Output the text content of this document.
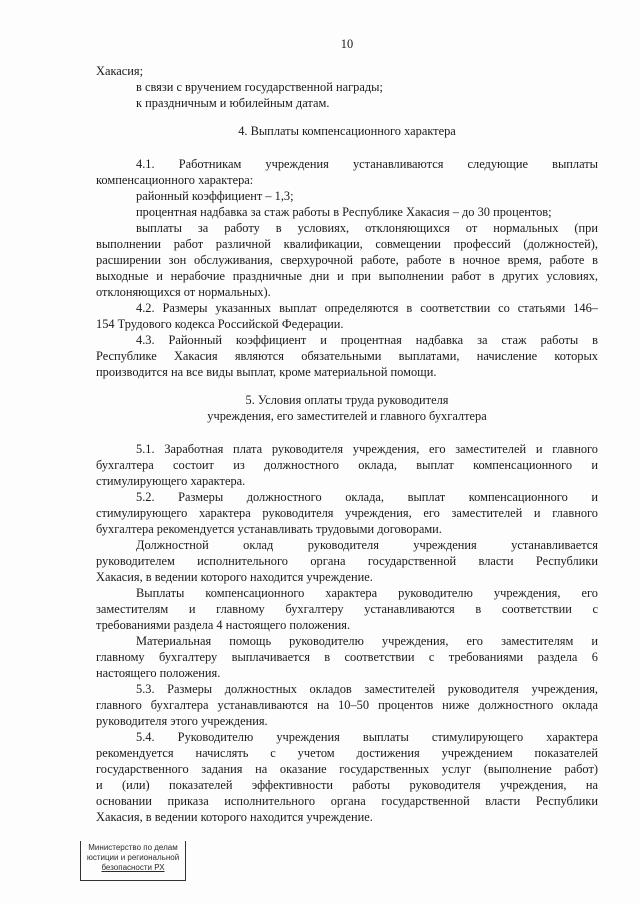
10

Хакасия;

в связи с вручением государственной награды;

к праздничным и юбилейным датам.

4. Выплаты компенсационного характера

4.1. Работникам учреждения устанавливаются следующие выплаты

компенсационного характера:

районный коэффициент – 1,3;

процентная надбавка за стаж работы в Республике Хакасия – до 30 процентов;

выплаты за работу в условиях, отклоняющихся от нормальных (при

выполнении работ различной квалификации, совмещении профессий (должностей),

расширении зон обслуживания, сверхурочной работе, работе в ночное время, работе в

выходные и нерабочие праздничные дни и при выполнении работ в других условиях,

отклоняющихся от нормальных).

4.2. Размеры указанных выплат определяются в соответствии со статьями 146–

154 Трудового кодекса Российской Федерации.

4.3. Районный коэффициент и процентная надбавка за стаж работы в

Республике Хакасия являются обязательными выплатами, начисление которых

производится на все виды выплат, кроме материальной помощи.

5. Условия оплаты труда руководителя

учреждения, его заместителей и главного бухгалтера

5.1. Заработная плата руководителя учреждения, его заместителей и главного

бухгалтера состоит из должностного оклада, выплат компенсационного и

стимулирующего характера.

5.2. Размеры должностного оклада, выплат компенсационного и

стимулирующего характера руководителя учреждения, его заместителей и главного

бухгалтера рекомендуется устанавливать трудовыми договорами.

Должностной оклад руководителя учреждения устанавливается

руководителем исполнительного органа государственной власти Республики

Хакасия, в ведении которого находится учреждение.

Выплаты компенсационного характера руководителю учреждения, его

заместителям и главному бухгалтеру устанавливаются в соответствии с

требованиями раздела 4 настоящего положения.

Материальная помощь руководителю учреждения, его заместителям и

главному бухгалтеру выплачивается в соответствии с требованиями раздела 6

настоящего положения.

5.3. Размеры должностных окладов заместителей руководителя учреждения,

главного бухгалтера устанавливаются на 10–50 процентов ниже должностного оклада

руководителя этого учреждения.

5.4. Руководителю учреждения выплаты стимулирующего характера

рекомендуется начислять с учетом достижения учреждением показателей

государственного задания на оказание государственных услуг (выполнение работ)

и (или) показателей эффективности работы руководителя учреждения, на

основании приказа исполнительного органа государственной власти Республики

Хакасия, в ведении которого находится учреждение.

Министерство по делам
юстиции и региональной
безопасности РХ
